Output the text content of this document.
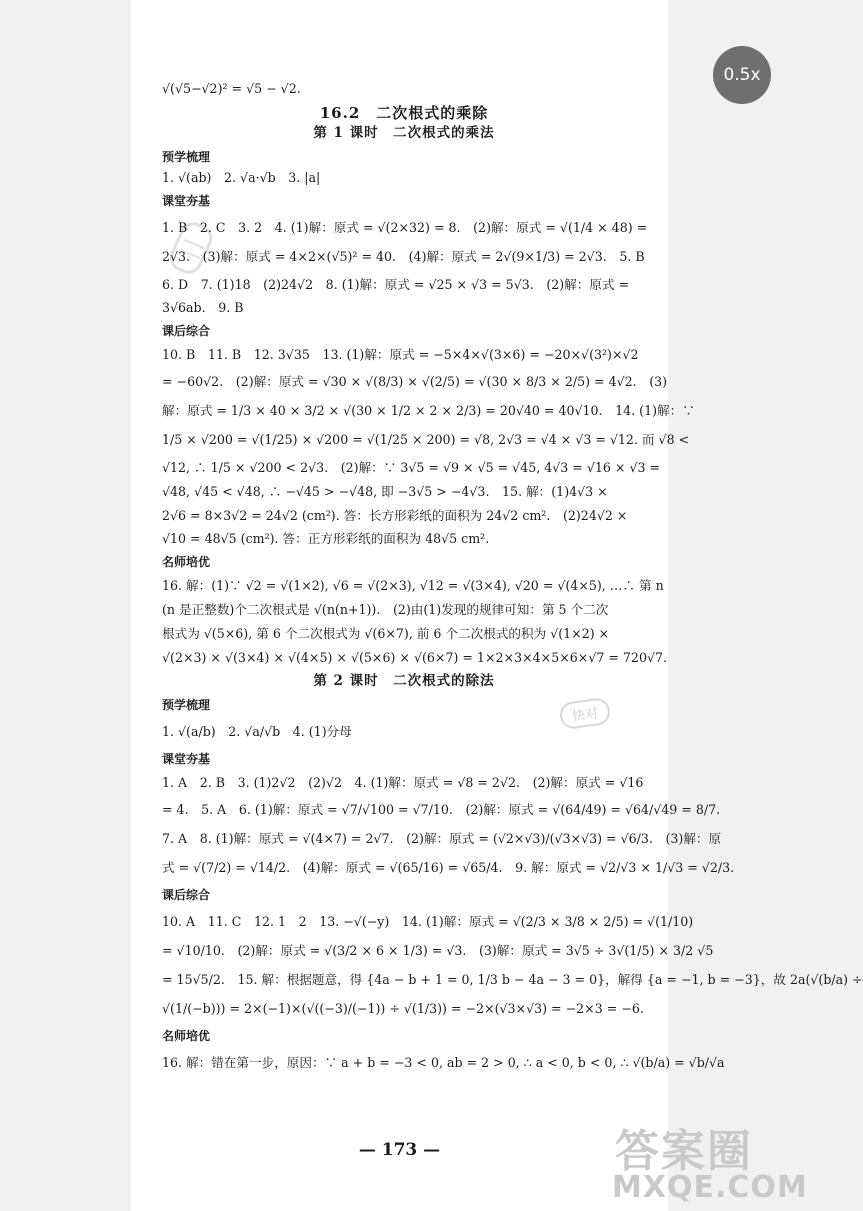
0.5x
√(√5−√2)² = √5 − √2.
16.2　二次根式的乘除
第 1 课时　二次根式的乘法
预学梳理
1. √(ab)　2. √a·√b　3. |a|
课堂夯基
1. B　2. C　3. 2　4. (1)解：原式 = √(2×32) = 8.　(2)解：原式 = √(1/4 × 48) =
2√3.　(3)解：原式 = 4×2×(√5)² = 40.　(4)解：原式 = 2√(9×1/3) = 2√3.　5. B
6. D　7. (1)18　(2)24√2　8. (1)解：原式 = √25 × √3 = 5√3.　(2)解：原式 =
3√6ab.　9. B
课后综合
10. B　11. B　12. 3√35　13. (1)解：原式 = −5×4×√(3×6) = −20×√(3²)×√2
= −60√2.　(2)解：原式 = √30 × √(8/3) × √(2/5) = √(30 × 8/3 × 2/5) = 4√2.　(3)
解：原式 = 1/3 × 40 × 3/2 × √(30 × 1/2 × 2 × 2/3) = 20√40 = 40√10.　14. (1)解：∵
1/5 × √200 = √(1/25) × √200 = √(1/25 × 200) = √8, 2√3 = √4 × √3 = √12. 而 √8 <
√12, ∴ 1/5 × √200 < 2√3.　(2)解：∵ 3√5 = √9 × √5 = √45, 4√3 = √16 × √3 =
√48, √45 < √48, ∴ −√45 > −√48, 即 −3√5 > −4√3.　15. 解：(1)4√3 ×
2√6 = 8×3√2 = 24√2 (cm²). 答：长方形彩纸的面积为 24√2 cm².　(2)24√2 ×
√10 = 48√5 (cm²). 答：正方形彩纸的面积为 48√5 cm².
名师培优
16. 解：(1)∵ √2 = √(1×2), √6 = √(2×3), √12 = √(3×4), √20 = √(4×5), …∴ 第 n
(n 是正整数)个二次根式是 √(n(n+1)).　(2)由(1)发现的规律可知：第 5 个二次
根式为 √(5×6), 第 6 个二次根式为 √(6×7), 前 6 个二次根式的积为 √(1×2) ×
√(2×3) × √(3×4) × √(4×5) × √(5×6) × √(6×7) = 1×2×3×4×5×6×√7 = 720√7.
第 2 课时　二次根式的除法
预学梳理
1. √(a/b)　2. √a/√b　4. (1)分母
课堂夯基
1. A　2. B　3. (1)2√2　(2)√2　4. (1)解：原式 = √8 = 2√2.　(2)解：原式 = √16
= 4.　5. A　6. (1)解：原式 = √7/√100 = √7/10.　(2)解：原式 = √(64/49) = √64/√49 = 8/7.
7. A　8. (1)解：原式 = √(4×7) = 2√7.　(2)解：原式 = (√2×√3)/(√3×√3) = √6/3.　(3)解：原
式 = √(7/2) = √14/2.　(4)解：原式 = √(65/16) = √65/4.　9. 解：原式 = √2/√3 × 1/√3 = √2/3.
课后综合
10. A　11. C　12. 1　2　13. −√(−y)　14. (1)解：原式 = √(2/3 × 3/8 × 2/5) = √(1/10)
= √10/10.　(2)解：原式 = √(3/2 × 6 × 1/3) = √3.　(3)解：原式 = 3√5 ÷ 3√(1/5) × 3/2 √5
= 15√5/2.　15. 解：根据题意，得 {4a − b + 1 = 0, 1/3 b − 4a − 3 = 0}，解得 {a = −1, b = −3}，故 2a(√(b/a) ÷
√(1/(−b))) = 2×(−1)×(√((−3)/(−1)) ÷ √(1/3)) = −2×(√3×√3) = −2×3 = −6.
名师培优
16. 解：错在第一步，原因：∵ a + b = −3 < 0, ab = 2 > 0, ∴ a < 0, b < 0, ∴ √(b/a) = √b/√a
— 173 —
快对
答案圈
MXQE.COM
